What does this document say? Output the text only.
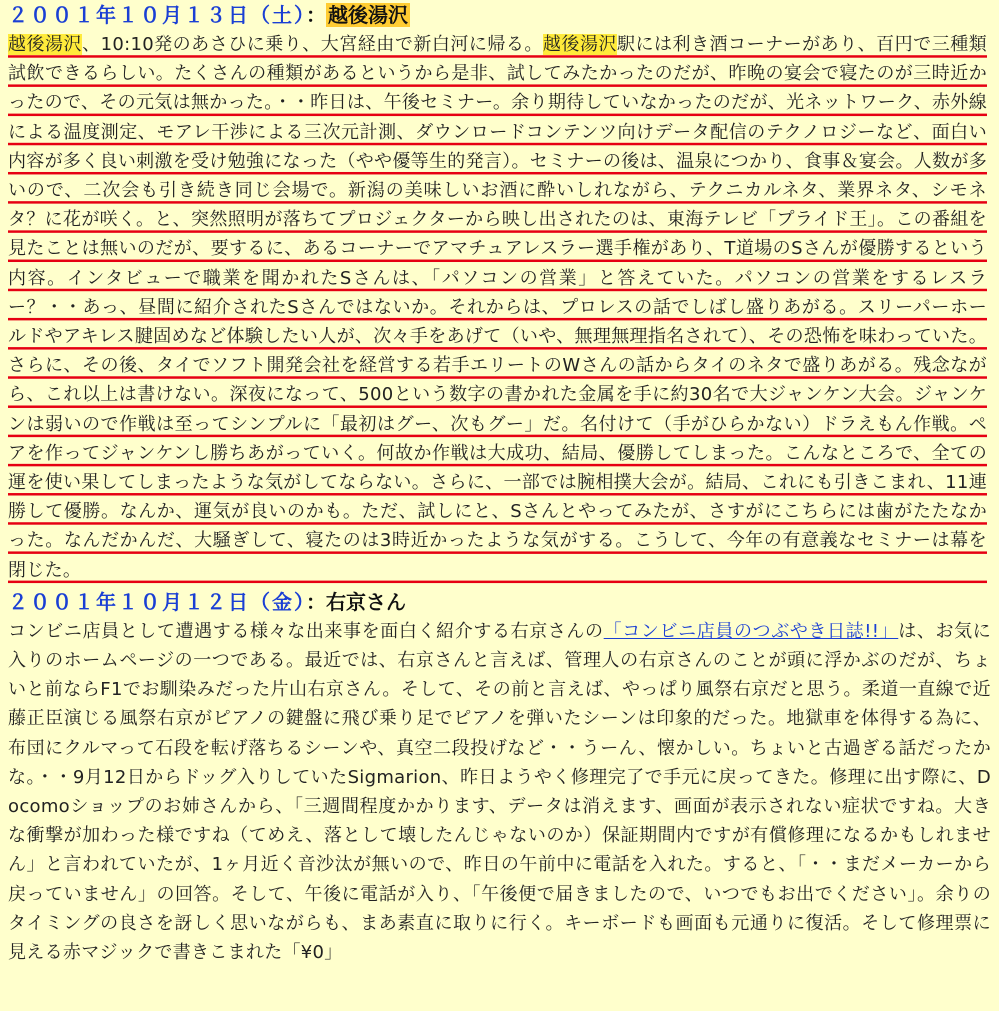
２００１年１０月１３日（土）： 越後湯沢

越後湯沢、10:10発のあさひに乗り、大宮経由で新白河に帰る。越後湯沢駅には利き酒コーナーがあり、百円で三種類試飲できるらしい。たくさんの種類があるというから是非、試してみたかったのだが、昨晩の宴会で寝たのが三時近かったので、その元気は無かった。・・昨日は、午後セミナー。余り期待していなかったのだが、光ネットワーク、赤外線による温度測定、モアレ干渉による三次元計測、ダウンロードコンテンツ向けデータ配信のテクノロジーなど、面白い内容が多く良い刺激を受け勉強になった（やや優等生的発言）。セミナーの後は、温泉につかり、食事＆宴会。人数が多いので、二次会も引き続き同じ会場で。新潟の美味しいお酒に酔いしれながら、テクニカルネタ、業界ネタ、シモネタ？に花が咲く。と、突然照明が落ちてプロジェクターから映し出されたのは、東海テレビ「プライド王」。この番組を見たことは無いのだが、要するに、あるコーナーでアマチュアレスラー選手権があり、T道場のSさんが優勝するという内容。インタビューで職業を聞かれたSさんは、「パソコンの営業」と答えていた。パソコンの営業をするレスラー？・・あっ、昼間に紹介されたSさんではないか。それからは、プロレスの話でしばし盛りあがる。スリーパーホールドやアキレス腱固めなど体験したい人が、次々手をあげて（いや、無理無理指名されて）、その恐怖を味わっていた。さらに、その後、タイでソフト開発会社を経営する若手エリートのWさんの話からタイのネタで盛りあがる。残念ながら、これ以上は書けない。深夜になって、500という数字の書かれた金属を手に約30名で大ジャンケン大会。ジャンケンは弱いので作戦は至ってシンプルに「最初はグー、次もグー」だ。名付けて（手がひらかない）ドラえもん作戦。ペアを作ってジャンケンし勝ちあがっていく。何故か作戦は大成功、結局、優勝してしまった。こんなところで、全ての運を使い果してしまったような気がしてならない。さらに、一部では腕相撲大会が。結局、これにも引きこまれ、11連勝して優勝。なんか、運気が良いのかも。ただ、試しにと、Sさんとやってみたが、さすがにこちらには歯がたたなかった。なんだかんだ、大騒ぎして、寝たのは3時近かったような気がする。こうして、今年の有意義なセミナーは幕を閉じた。

２００１年１０月１２日（金）：右京さん

コンビニ店員として遭遇する様々な出来事を面白く紹介する右京さんの「コンビニ店員のつぶやき日誌!!」は、お気に入りのホームページの一つである。最近では、右京さんと言えば、管理人の右京さんのことが頭に浮かぶのだが、ちょいと前ならF1でお馴染みだった片山右京さん。そして、その前と言えば、やっぱり風祭右京だと思う。柔道一直線で近藤正臣演じる風祭右京がピアノの鍵盤に飛び乗り足でピアノを弾いたシーンは印象的だった。地獄車を体得する為に、布団にクルマって石段を転げ落ちるシーンや、真空二段投げなど・・うーん、懐かしい。ちょいと古過ぎる話だったかな。・・9月12日からドッグ入りしていたSigmarion、昨日ようやく修理完了で手元に戻ってきた。修理に出す際に、Docomoショップのお姉さんから、「三週間程度かかります、データは消えます、画面が表示されない症状ですね。大きな衝撃が加わった様ですね（てめえ、落として壊したんじゃないのか）保証期間内ですが有償修理になるかもしれません」と言われていたが、1ヶ月近く音沙汰が無いので、昨日の午前中に電話を入れた。すると、「・・まだメーカーから戻っていません」の回答。そして、午後に電話が入り、「午後便で届きましたので、いつでもお出でください」。余りのタイミングの良さを訝しく思いながらも、まあ素直に取りに行く。キーボードも画面も元通りに復活。そして修理票に見える赤マジックで書きこまれた「¥0」
